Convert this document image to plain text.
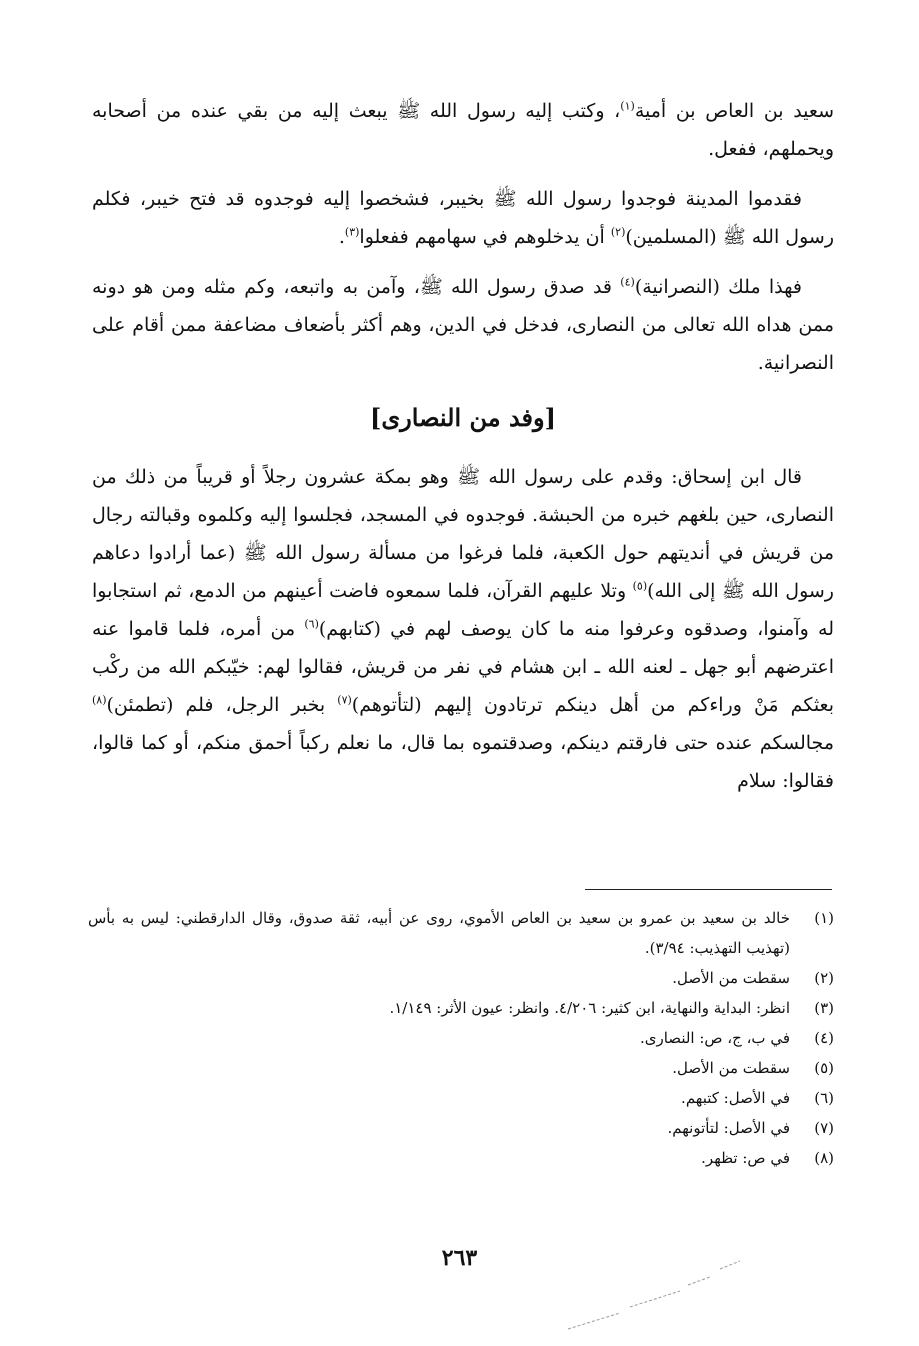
سعيد بن العاص بن أمية$^{(١)}$، وكتب إليه رسول الله ﷺ يبعث إليه من بقي عنده من أصحابه ويحملهم، ففعل.

فقدموا المدينة فوجدوا رسول الله ﷺ بخيبر، فشخصوا إليه فوجدوه قد فتح خيبر، فكلم رسول الله ﷺ (المسلمين)$^{(٢)}$ أن يدخلوهم في سهامهم ففعلوا$^{(٣)}$.

فهذا ملك (النصرانية)$^{(٤)}$ قد صدق رسول الله ﷺ، وآمن به واتبعه، وكم مثله ومن هو دونه ممن هداه الله تعالى من النصارى، فدخل في الدين، وهم أكثر بأضعاف مضاعفة ممن أقام على النصرانية.

[وفد من النصارى]

قال ابن إسحاق: وقدم على رسول الله ﷺ وهو بمكة عشرون رجلاً أو قريباً من ذلك من النصارى، حين بلغهم خبره من الحبشة. فوجدوه في المسجد، فجلسوا إليه وكلموه وقبالته رجال من قريش في أنديتهم حول الكعبة، فلما فرغوا من مسألة رسول الله ﷺ (عما أرادوا دعاهم رسول الله ﷺ إلى الله)$^{(٥)}$ وتلا عليهم القرآن، فلما سمعوه فاضت أعينهم من الدمع، ثم استجابوا له وآمنوا، وصدقوه وعرفوا منه ما كان يوصف لهم في (كتابهم)$^{(٦)}$ من أمره، فلما قاموا عنه اعترضهم أبو جهل ـ لعنه الله ـ ابن هشام في نفر من قريش، فقالوا لهم: خيّبكم الله من ركْب بعثكم مَنْ وراءكم من أهل دينكم ترتادون إليهم (لتأتوهم)$^{(٧)}$ بخبر الرجل، فلم (تطمئن)$^{(٨)}$ مجالسكم عنده حتى فارقتم دينكم، وصدقتموه بما قال، ما نعلم ركباً أحمق منكم، أو كما قالوا، فقالوا: سلام

(١)
خالد بن سعيد بن عمرو بن سعيد بن العاص الأموي، روى عن أبيه، ثقة صدوق، وقال الدارقطني: ليس به بأس (تهذيب التهذيب: ٣/٩٤).
(٢)
سقطت من الأصل.
(٣)
انظر: البداية والنهاية، ابن كثير: ٤/٢٠٦. وانظر: عيون الأثر: ١/١٤٩.
(٤)
في ب، ج، ص: النصارى.
(٥)
سقطت من الأصل.
(٦)
في الأصل: كتبهم.
(٧)
في الأصل: لتأتونهم.
(٨)
في ص: تظهر.
٢٦٣
